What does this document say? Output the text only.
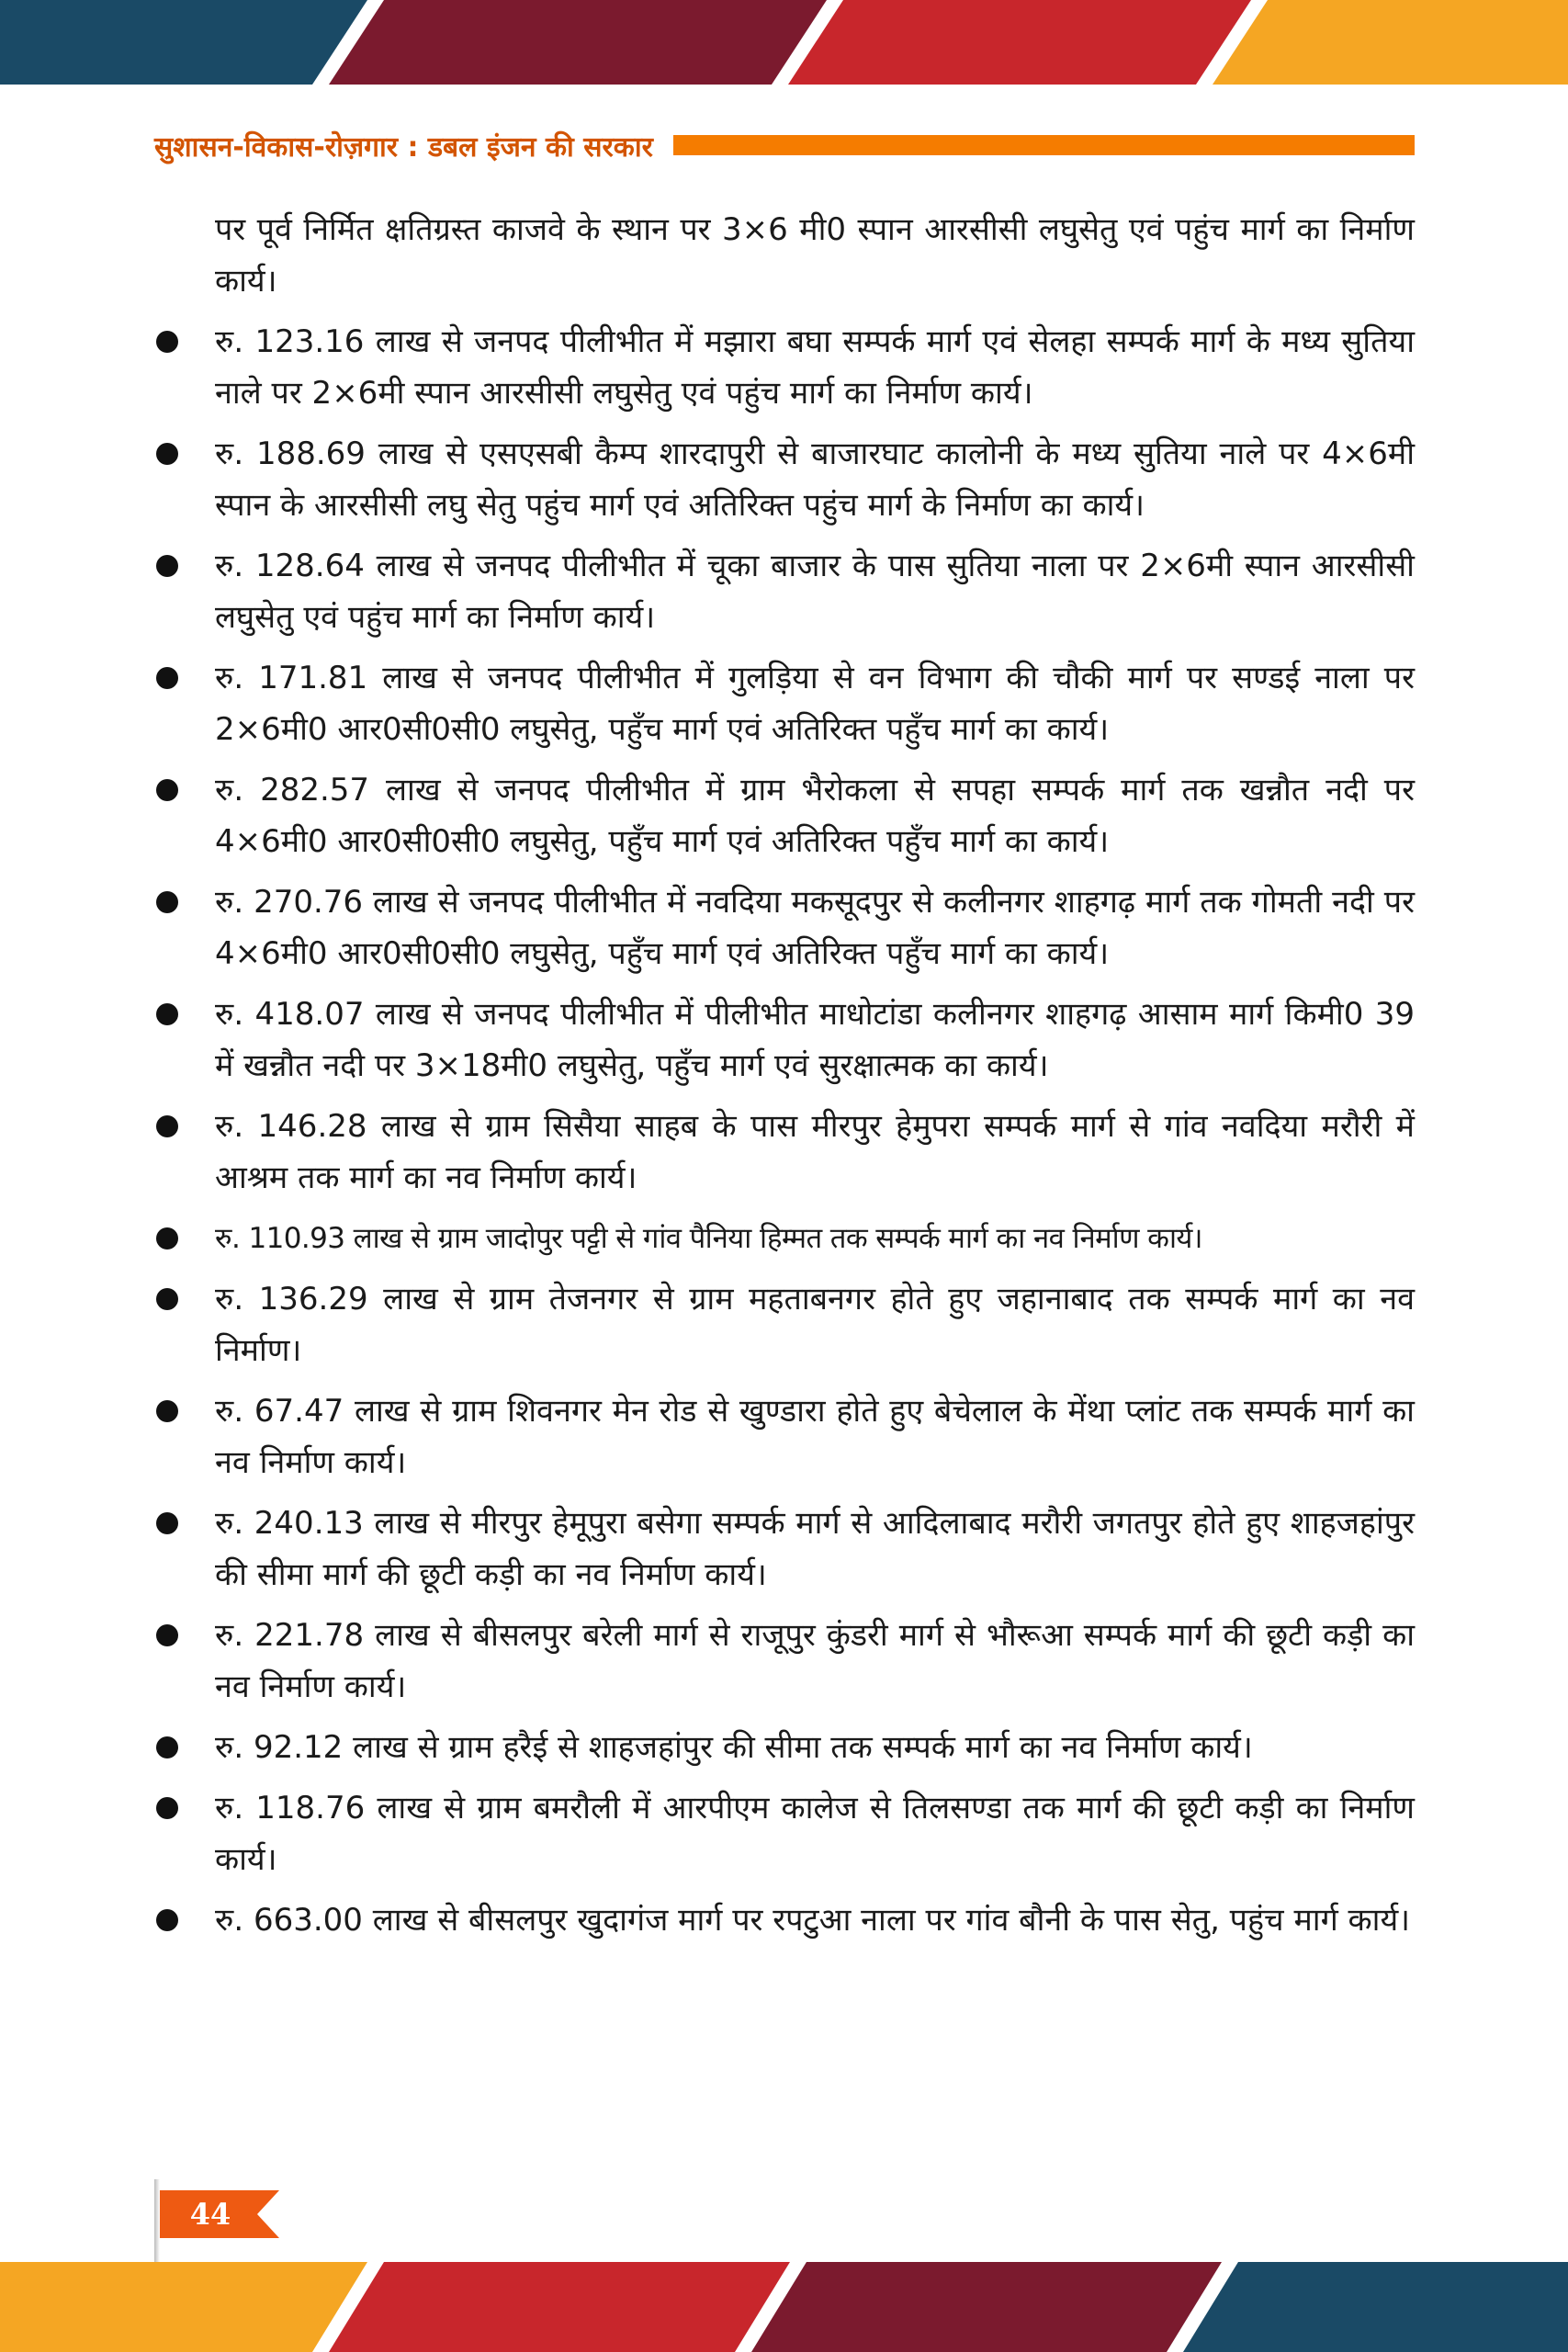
सुशासन-विकास-रोज़गार : डबल इंजन की सरकार
पर पूर्व निर्मित क्षतिग्रस्त काजवे के स्थान पर 3×6 मी0 स्पान आरसीसी लघुसेतु एवं पहुंच मार्ग का निर्माण कार्य।
रु. 123.16 लाख से जनपद पीलीभीत में मझारा बघा सम्पर्क मार्ग एवं सेलहा सम्पर्क मार्ग के मध्य सुतिया नाले पर 2×6मी स्पान आरसीसी लघुसेतु एवं पहुंच मार्ग का निर्माण कार्य।
रु. 188.69 लाख से एसएसबी कैम्प शारदापुरी से बाजारघाट कालोनी के मध्य सुतिया नाले पर 4×6मी स्पान के आरसीसी लघु सेतु पहुंच मार्ग एवं अतिरिक्त पहुंच मार्ग के निर्माण का कार्य।
रु. 128.64 लाख से जनपद पीलीभीत में चूका बाजार के पास सुतिया नाला पर 2×6मी स्पान आरसीसी लघुसेतु एवं पहुंच मार्ग का निर्माण कार्य।
रु. 171.81 लाख से जनपद पीलीभीत में गुलड़िया से वन विभाग की चौकी मार्ग पर सण्डई नाला पर 2×6मी0 आर0सी0सी0 लघुसेतु, पहुँच मार्ग एवं अतिरिक्त पहुँच मार्ग का कार्य।
रु. 282.57 लाख से जनपद पीलीभीत में ग्राम भैरोकला से सपहा सम्पर्क मार्ग तक खन्नौत नदी पर 4×6मी0 आर0सी0सी0 लघुसेतु, पहुँच मार्ग एवं अतिरिक्त पहुँच मार्ग का कार्य।
रु. 270.76 लाख से जनपद पीलीभीत में नवदिया मकसूदपुर से कलीनगर शाहगढ़ मार्ग तक गोमती नदी पर 4×6मी0 आर0सी0सी0 लघुसेतु, पहुँच मार्ग एवं अतिरिक्त पहुँच मार्ग का कार्य।
रु. 418.07 लाख से जनपद पीलीभीत में पीलीभीत माधोटांडा कलीनगर शाहगढ़ आसाम मार्ग किमी0 39 में खन्नौत नदी पर 3×18मी0 लघुसेतु, पहुँच मार्ग एवं सुरक्षात्मक का कार्य।
रु. 146.28 लाख से ग्राम सिसैया साहब के पास मीरपुर हेमुपरा सम्पर्क मार्ग से गांव नवदिया मरौरी में आश्रम तक मार्ग का नव निर्माण कार्य।
रु. 110.93 लाख से ग्राम जादोपुर पट्टी से गांव पैनिया हिम्मत तक सम्पर्क मार्ग का नव निर्माण कार्य।
रु. 136.29 लाख से ग्राम तेजनगर से ग्राम महताबनगर होते हुए जहानाबाद तक सम्पर्क मार्ग का नव निर्माण।
रु. 67.47 लाख से ग्राम शिवनगर मेन रोड से खुण्डारा होते हुए बेचेलाल के मेंथा प्लांट तक सम्पर्क मार्ग का नव निर्माण कार्य।
रु. 240.13 लाख से मीरपुर हेमूपुरा बसेगा सम्पर्क मार्ग से आदिलाबाद मरौरी जगतपुर होते हुए शाहजहांपुर की सीमा मार्ग की छूटी कड़ी का नव निर्माण कार्य।
रु. 221.78 लाख से बीसलपुर बरेली मार्ग से राजूपुर कुंडरी मार्ग से भौरूआ सम्पर्क मार्ग की छूटी कड़ी का नव निर्माण कार्य।
रु. 92.12 लाख से ग्राम हरैई से शाहजहांपुर की सीमा तक सम्पर्क मार्ग का नव निर्माण कार्य।
रु. 118.76 लाख से ग्राम बमरौली में आरपीएम कालेज से तिलसण्डा तक मार्ग की छूटी कड़ी का निर्माण कार्य।
रु. 663.00 लाख से बीसलपुर खुदागंज मार्ग पर रपटुआ नाला पर गांव बौनी के पास सेतु, पहुंच मार्ग कार्य।
44
